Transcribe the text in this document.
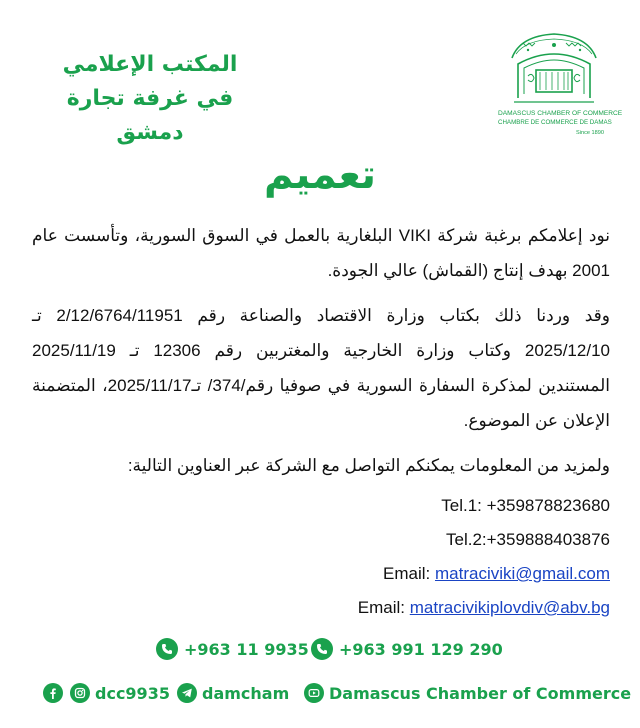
المكتب الإعلامي
في غرفة تجارة دمشق
DAMASCUS CHAMBER OF COMMERCE
CHAMBRE DE COMMERCE DE DAMAS
Since 1890
تعميم

نود إعلامكم برغبة شركة VIKI البلغارية بالعمل في السوق السورية، وتأسست عام 2001 بهدف إنتاج (القماش) عالي الجودة.

وقد وردنا ذلك بكتاب وزارة الاقتصاد والصناعة رقم 2/12/6764/11951 تـ 2025/12/10 وكتاب وزارة الخارجية والمغتربين رقم 12306 تـ 2025/11/19 المستندين لمذكرة السفارة السورية في صوفيا رقم/374/ تـ2025/11/17، المتضمنة الإعلان عن الموضوع.

ولمزيد من المعلومات يمكنكم التواصل مع الشركة عبر العناوين التالية:

Tel.1: +359878823680
Tel.2:+359888403876
Email: matraciviki@gmail.com
Email: matracivikiplovdiv@abv.bg
+963 11 9935 +963 991 129 290
dcc9935 damcham Damascus Chamber of Commerce
